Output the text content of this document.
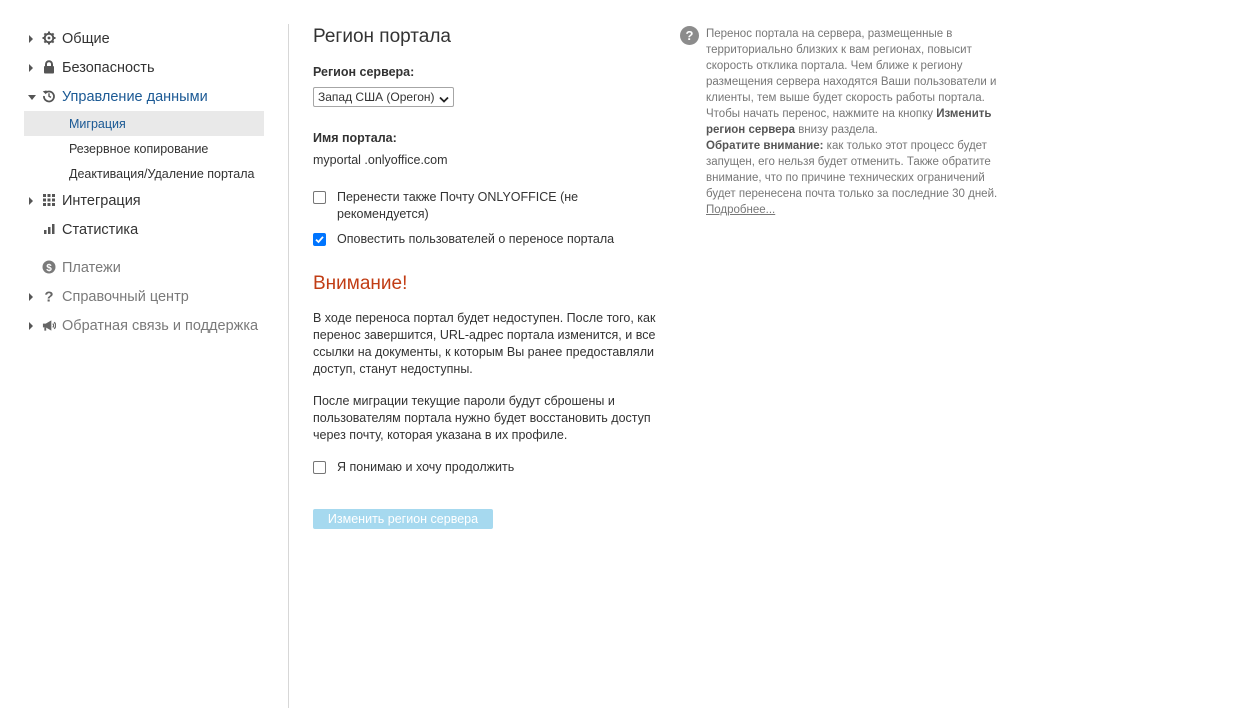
Общие
Безопасность
Управление данными
Миграция
Резервное копирование
Деактивация/Удаление портала
Интеграция
Статистика
$ Платежи
? Справочный центр
Обратная связь и поддержка
Регион портала
Регион сервера:
Запад США (Орегон)
Имя портала:
myportal .onlyoffice.com
Перенести также Почту ONLYOFFICE (не рекомендуется)
Оповестить пользователей о переносе портала
Внимание!

В ходе переноса портал будет недоступен. После того, как перенос завершится, URL-адрес портала изменится, и все ссылки на документы, к которым Вы ранее предоставляли доступ, станут недоступны.

После миграции текущие пароли будут сброшены и пользователям портала нужно будет восстановить доступ через почту, которая указана в их профиле.

Я понимаю и хочу продолжить
Изменить регион сервера
?	Перенос портала на сервера, размещенные в территориально близких к вам регионах, повысит скорость отклика портала. Чем ближе к региону размещения сервера находятся Ваши пользователи и клиенты, тем выше будет скорость работы портала. Чтобы начать перенос, нажмите на кнопку Изменить регион сервера внизу раздела.
Обратите внимание: как только этот процесс будет запущен, его нельзя будет отменить. Также обратите внимание, что по причине технических ограничений будет перенесена почта только за последние 30 дней.
Подробнее...
